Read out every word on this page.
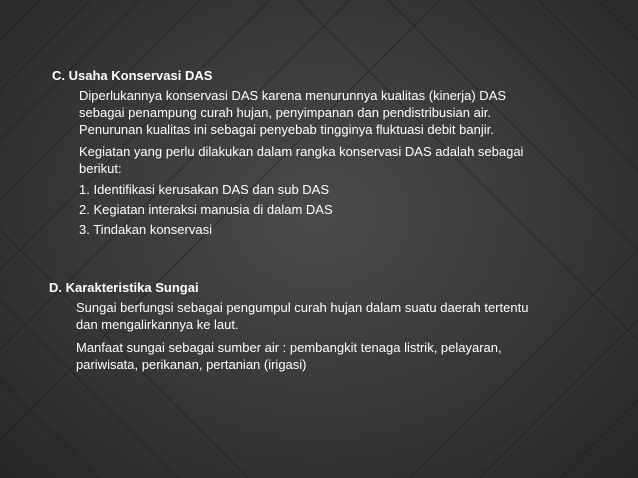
C. Usaha Konservasi DAS
Diperlukannya konservasi DAS karena menurunnya kualitas (kinerja) DAS
sebagai penampung curah hujan, penyimpanan dan pendistribusian air.
Penurunan kualitas ini sebagai penyebab tingginya fluktuasi debit banjir.
Kegiatan yang perlu dilakukan dalam rangka konservasi DAS adalah sebagai
berikut:
1. Identifikasi kerusakan DAS dan sub DAS
2. Kegiatan interaksi manusia di dalam DAS
3. Tindakan konservasi
D. Karakteristika Sungai
Sungai berfungsi sebagai pengumpul curah hujan dalam suatu daerah tertentu
dan mengalirkannya ke laut.
Manfaat sungai sebagai sumber air : pembangkit tenaga listrik, pelayaran,
pariwisata, perikanan, pertanian (irigasi)
